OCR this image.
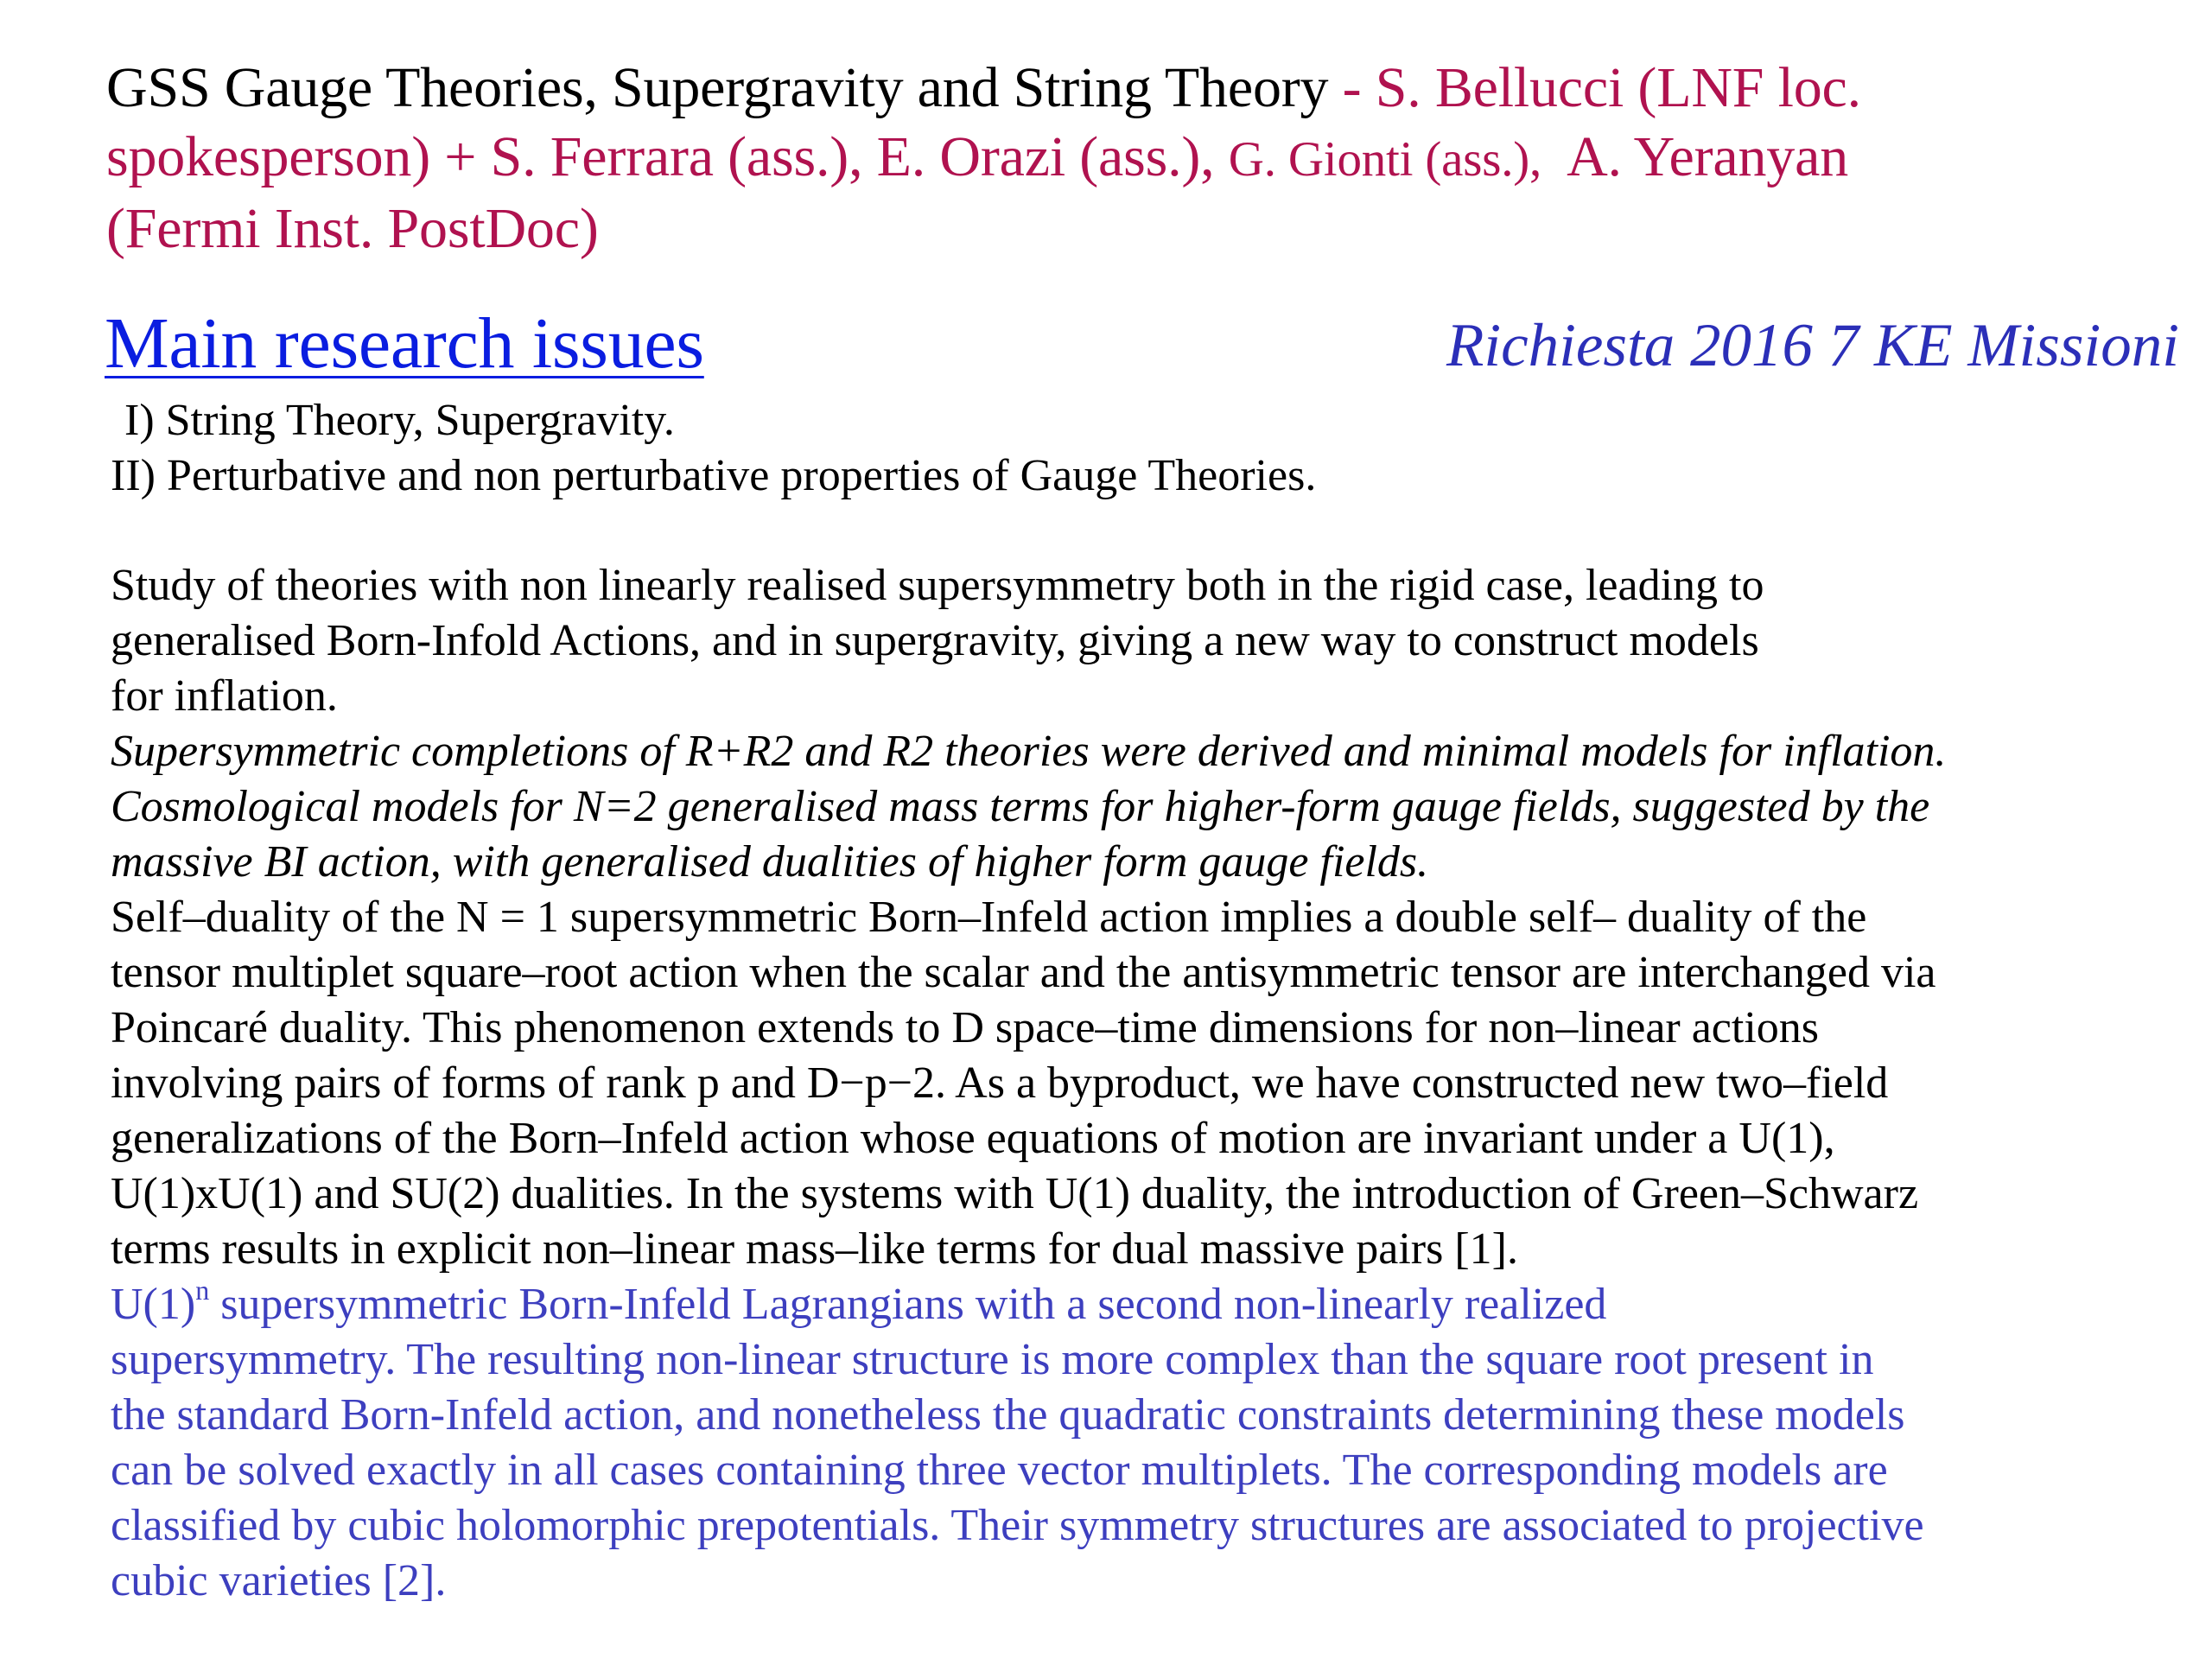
GSS Gauge Theories, Supergravity and String Theory - S. Bellucci (LNF loc.
spokesperson) + S. Ferrara (ass.), E. Orazi (ass.), G. Gionti (ass.),  A. Yeranyan
(Fermi Inst. PostDoc)
Main research issues	Richiesta 2016 7 KE Missioni
I) String Theory, Supergravity.
II) Perturbative and non perturbative properties of Gauge Theories.

Study of theories with non linearly realised supersymmetry both in the rigid case, leading to
generalised Born-Infold Actions, and in supergravity, giving a new way to construct models
for inflation.

Supersymmetric completions of R+R2 and R2 theories were derived and minimal models for inflation.
Cosmological models for N=2 generalised mass terms for higher-form gauge fields, suggested by the
massive BI action, with generalised dualities of higher form gauge fields.

Self–duality of the N = 1 supersymmetric Born–Infeld action implies a double self– duality of the
tensor multiplet square–root action when the scalar and the antisymmetric tensor are interchanged via
Poincaré duality. This phenomenon extends to D space–time dimensions for non–linear actions
involving pairs of forms of rank p and D−p−2. As a byproduct, we have constructed new two–field
generalizations of the Born–Infeld action whose equations of motion are invariant under a U(1),
U(1)xU(1) and SU(2) dualities. In the systems with U(1) duality, the introduction of Green–Schwarz
terms results in explicit non–linear mass–like terms for dual massive pairs [1].

$U(1)^n$ supersymmetric Born-Infeld Lagrangians with a second non-linearly realized
supersymmetry. The resulting non-linear structure is more complex than the square root present in
the standard Born-Infeld action, and nonetheless the quadratic constraints determining these models
can be solved exactly in all cases containing three vector multiplets. The corresponding models are
classified by cubic holomorphic prepotentials. Their symmetry structures are associated to projective
cubic varieties [2].
